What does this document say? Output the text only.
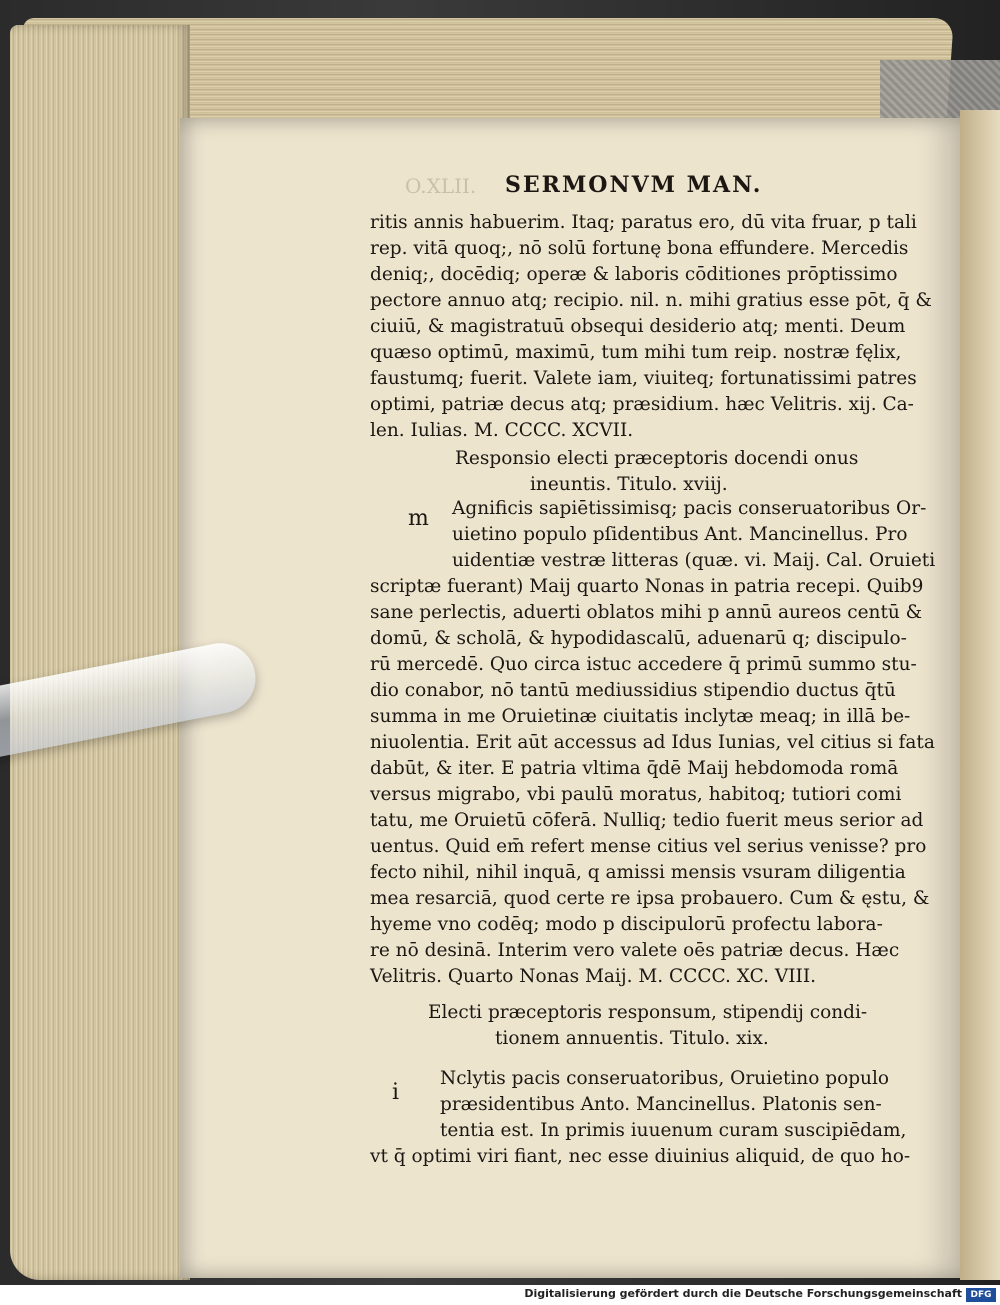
O.XLII. SERMONVM MAN.
ritis annis habuerim. Itaq; paratus ero, dū vita fruar, p tali
rep. vitā quoq;, nō solū fortunę bona effundere. Mercedis
deniq;, docēdiq; operæ & laboris cōditiones prōptissimo
pectore annuo atq; recipio. nil. n. mihi gratius esse pōt, q̄ &
ciuiū, & magistratuū obsequi desiderio atq; menti. Deum
quæso optimū, maximū, tum mihi tum reip. nostræ fęlix,
faustumq; fuerit. Valete iam, viuiteq; fortunatissimi patres
optimi, patriæ decus atq; præsidium. hæc Velitris. xij. Ca-
len. Iulias. M. CCCC. XCVII.
Responsio electi præceptoris docendi onus
ineuntis. Titulo. xviij.
m Agnificis sapiētissimisq; pacis conseruatoribus Or-
uietino populo pſidentibus Ant. Mancinellus. Pro
uidentiæ vestræ litteras (quæ. vi. Maij. Cal. Oruieti
scriptæ fuerant) Maij quarto Nonas in patria recepi. Quib9
sane perlectis, aduerti oblatos mihi p annū aureos centū &
domū, & scholā, & hypodidascalū, aduenarū q; discipulo-
rū mercedē. Quo circa istuc accedere q̄ primū summo stu-
dio conabor, nō tantū mediussidius stipendio ductus q̄tū
summa in me Oruietinæ ciuitatis inclytæ meaq; in illā be-
niuolentia. Erit aūt accessus ad Idus Iunias, vel citius si fata
dabūt, & iter. E patria vltima q̄dē Maij hebdomoda romā
versus migrabo, vbi paulū moratus, habitoq; tutiori comi
tatu, me Oruietū cōferā. Nulliq; tedio fuerit meus serior ad
uentus. Quid em̄ refert mense citius vel serius venisse? pro
fecto nihil, nihil inquā, q amissi mensis vsuram diligentia
mea resarciā, quod certe re ipsa probauero. Cum & ęstu, &
hyeme vno codēq; modo p discipulorū profectu labora-
re nō desinā. Interim vero valete oēs patriæ decus. Hæc
Velitris. Quarto Nonas Maij. M. CCCC. XC. VIII.
Electi præceptoris responsum, stipendij condi-
tionem annuentis. Titulo. xix.
i
Nclytis pacis conseruatoribus, Oruietino populo
præsidentibus Anto. Mancinellus. Platonis sen-
tentia est. In primis iuuenum curam suscipiēdam,
vt q̄ optimi viri fiant, nec esse diuinius aliquid, de quo ho-
Digitalisierung gefördert durch die Deutsche Forschungsgemeinschaft DFG
